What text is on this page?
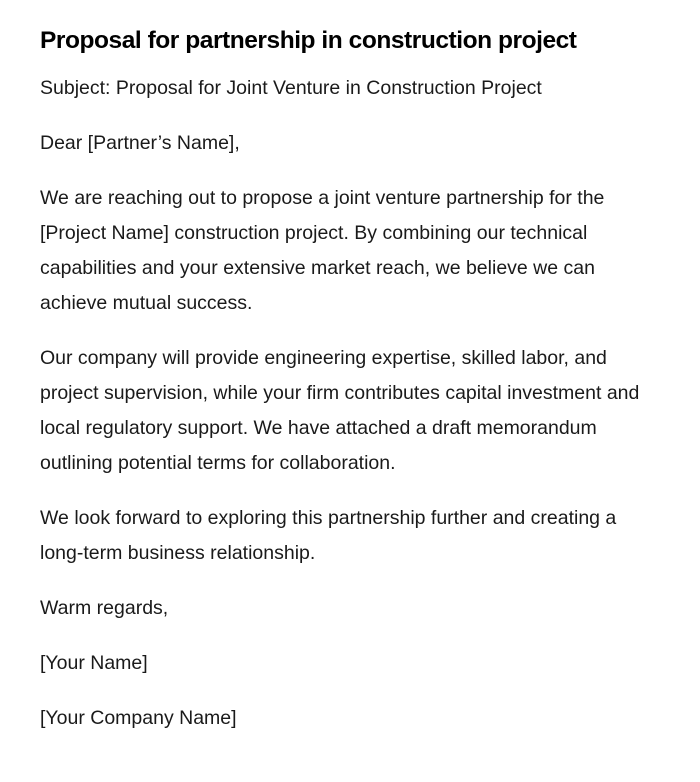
Proposal for partnership in construction project

Subject: Proposal for Joint Venture in Construction Project

Dear [Partner’s Name],

We are reaching out to propose a joint venture partnership for the [Project Name] construction project. By combining our technical capabilities and your extensive market reach, we believe we can achieve mutual success.

Our company will provide engineering expertise, skilled labor, and project supervision, while your firm contributes capital investment and local regulatory support. We have attached a draft memorandum outlining potential terms for collaboration.

We look forward to exploring this partnership further and creating a long-term business relationship.

Warm regards,

[Your Name]

[Your Company Name]
